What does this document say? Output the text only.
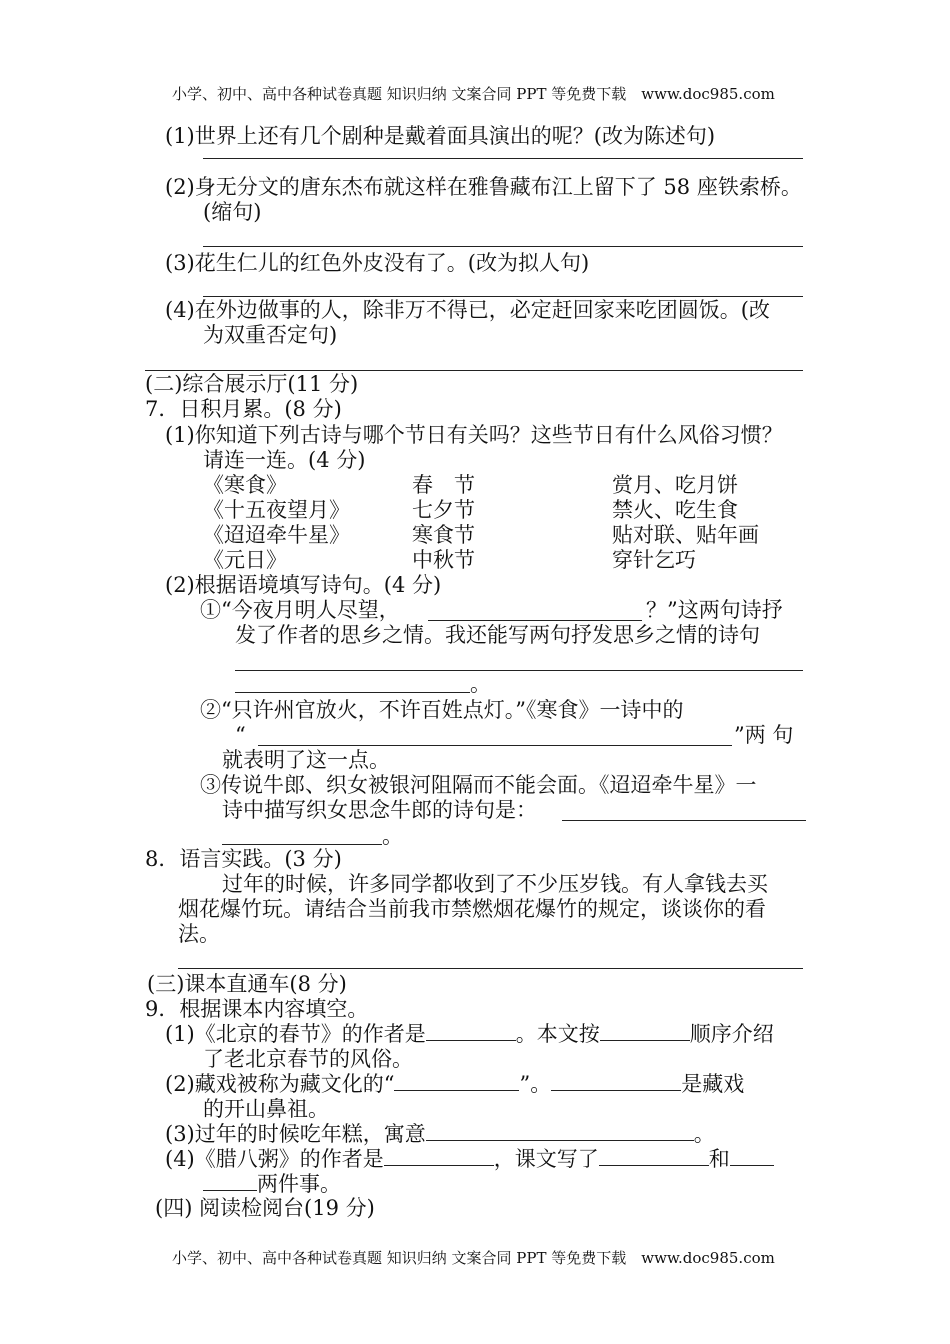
小学、初中、高中各种试卷真题 知识归纳 文案合同 PPT 等免费下载　www.doc985.com
(1)世界上还有几个剧种是戴着面具演出的呢？(改为陈述句)
(2)身无分文的唐东杰布就这样在雅鲁藏布江上留下了 58 座铁索桥。
(缩句)
(3)花生仁儿的红色外皮没有了。(改为拟人句)
(4)在外边做事的人，除非万不得已，必定赶回家来吃团圆饭。(改
为双重否定句)
(二)综合展示厅(11 分)
7．日积月累。(8 分)
(1)你知道下列古诗与哪个节日有关吗？这些节日有什么风俗习惯？
请连一连。(4 分)
《寒食》	春　节	赏月、吃月饼
《十五夜望月》	七夕节	禁火、吃生食
《迢迢牵牛星》	寒食节	贴对联、贴年画
《元日》	中秋节	穿针乞巧
(2)根据语境填写诗句。(4 分)
①“今夜月明人尽望，	？”这两句诗抒
发了作者的思乡之情。我还能写两句抒发思乡之情的诗句
。
②“只许州官放火，不许百姓点灯。”《寒食》一诗中的
“	”两 句
就表明了这一点。
③传说牛郎、织女被银河阻隔而不能会面。《迢迢牵牛星》一
诗中描写织女思念牛郎的诗句是：
。
8．语言实践。(3 分)
过年的时候，许多同学都收到了不少压岁钱。有人拿钱去买
烟花爆竹玩。请结合当前我市禁燃烟花爆竹的规定，谈谈你的看
法。
(三)课本直通车(8 分)
9．根据课本内容填空。
(1)《北京的春节》的作者是	。本文按	顺序介绍
了老北京春节的风俗。
(2)藏戏被称为藏文化的“	”。	是藏戏
的开山鼻祖。
(3)过年的时候吃年糕，寓意	。
(4)《腊八粥》的作者是	，课文写了	和
两件事。
(四) 阅读检阅台(19 分)
小学、初中、高中各种试卷真题 知识归纳 文案合同 PPT 等免费下载　www.doc985.com
